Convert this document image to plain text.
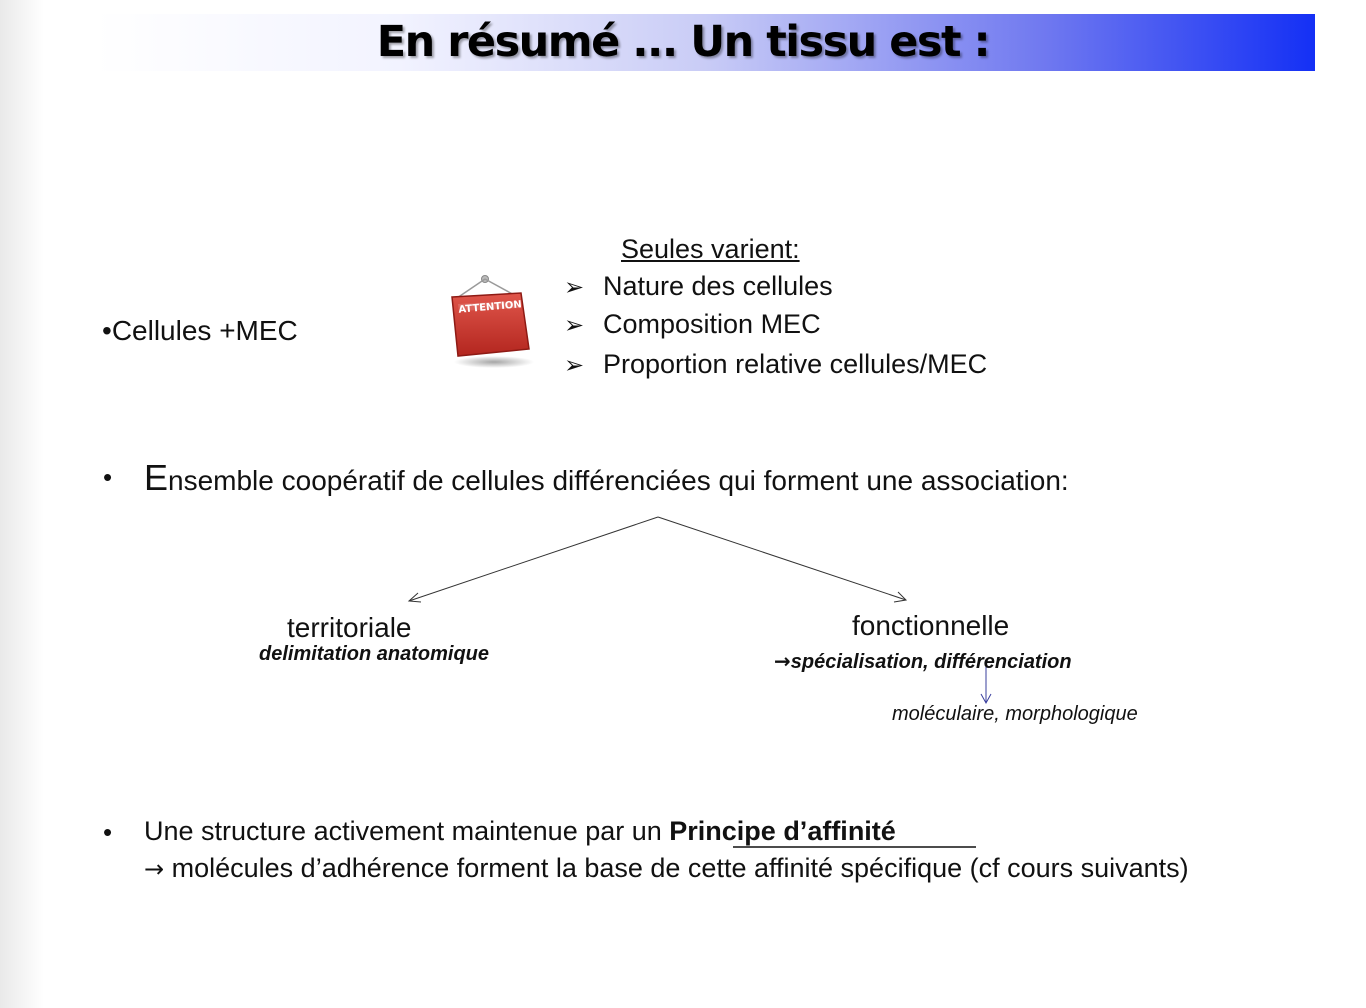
En résumé ... Un tissu est :
•Cellules +MEC
ATTENTION
Seules varient:
➢ Nature des cellules
➢ Composition MEC
➢ Proportion relative cellules/MEC
• Ensemble coopératif de cellules différenciées qui forment une association:
territoriale
delimitation anatomique
fonctionnelle
→spécialisation, différenciation
moléculaire, morphologique
• Une structure activement maintenue par un Principe d’affinité
→ molécules d’adhérence forment la base de cette affinité spécifique (cf cours suivants)
